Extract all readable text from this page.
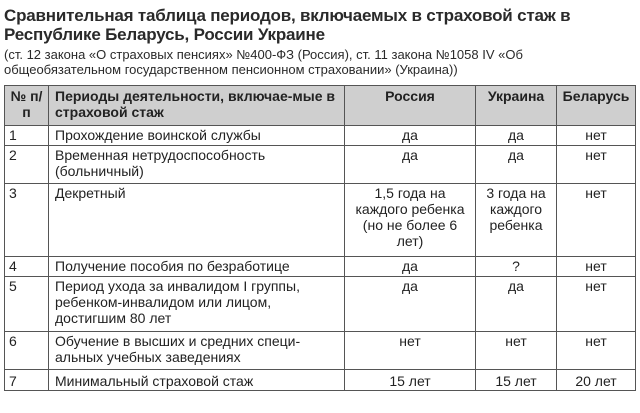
Сравнительная таблица периодов, включаемых в страховой стаж в Республике Беларусь, России Украине
(ст. 12 закона «О страховых пенсиях» №400-ФЗ (Россия), ст. 11 закона №1058 IV «Об общеобязательном государственном пенсионном страховании» (Украина))
№ п/п	Периоды деятельности, включае-мые в страховой стаж	Россия	Украина	Беларусь
1	Прохождение воинской службы	да	да	нет
2	Временная нетрудоспособность (больничный)	да	да	нет
3	Декретный	1,5 года на каждого ребенка (но не более 6 лет)	3 года на каждого ребенка	нет
4	Получение пособия по безработице	да	?	нет
5	Период ухода за инвалидом I группы, ребенком-инвалидом или лицом, достигшим 80 лет	да	да	нет
6	Обучение в высших и средних специ-альных учебных заведениях	нет	нет	нет
7	Минимальный страховой стаж	15 лет	15 лет	20 лет
